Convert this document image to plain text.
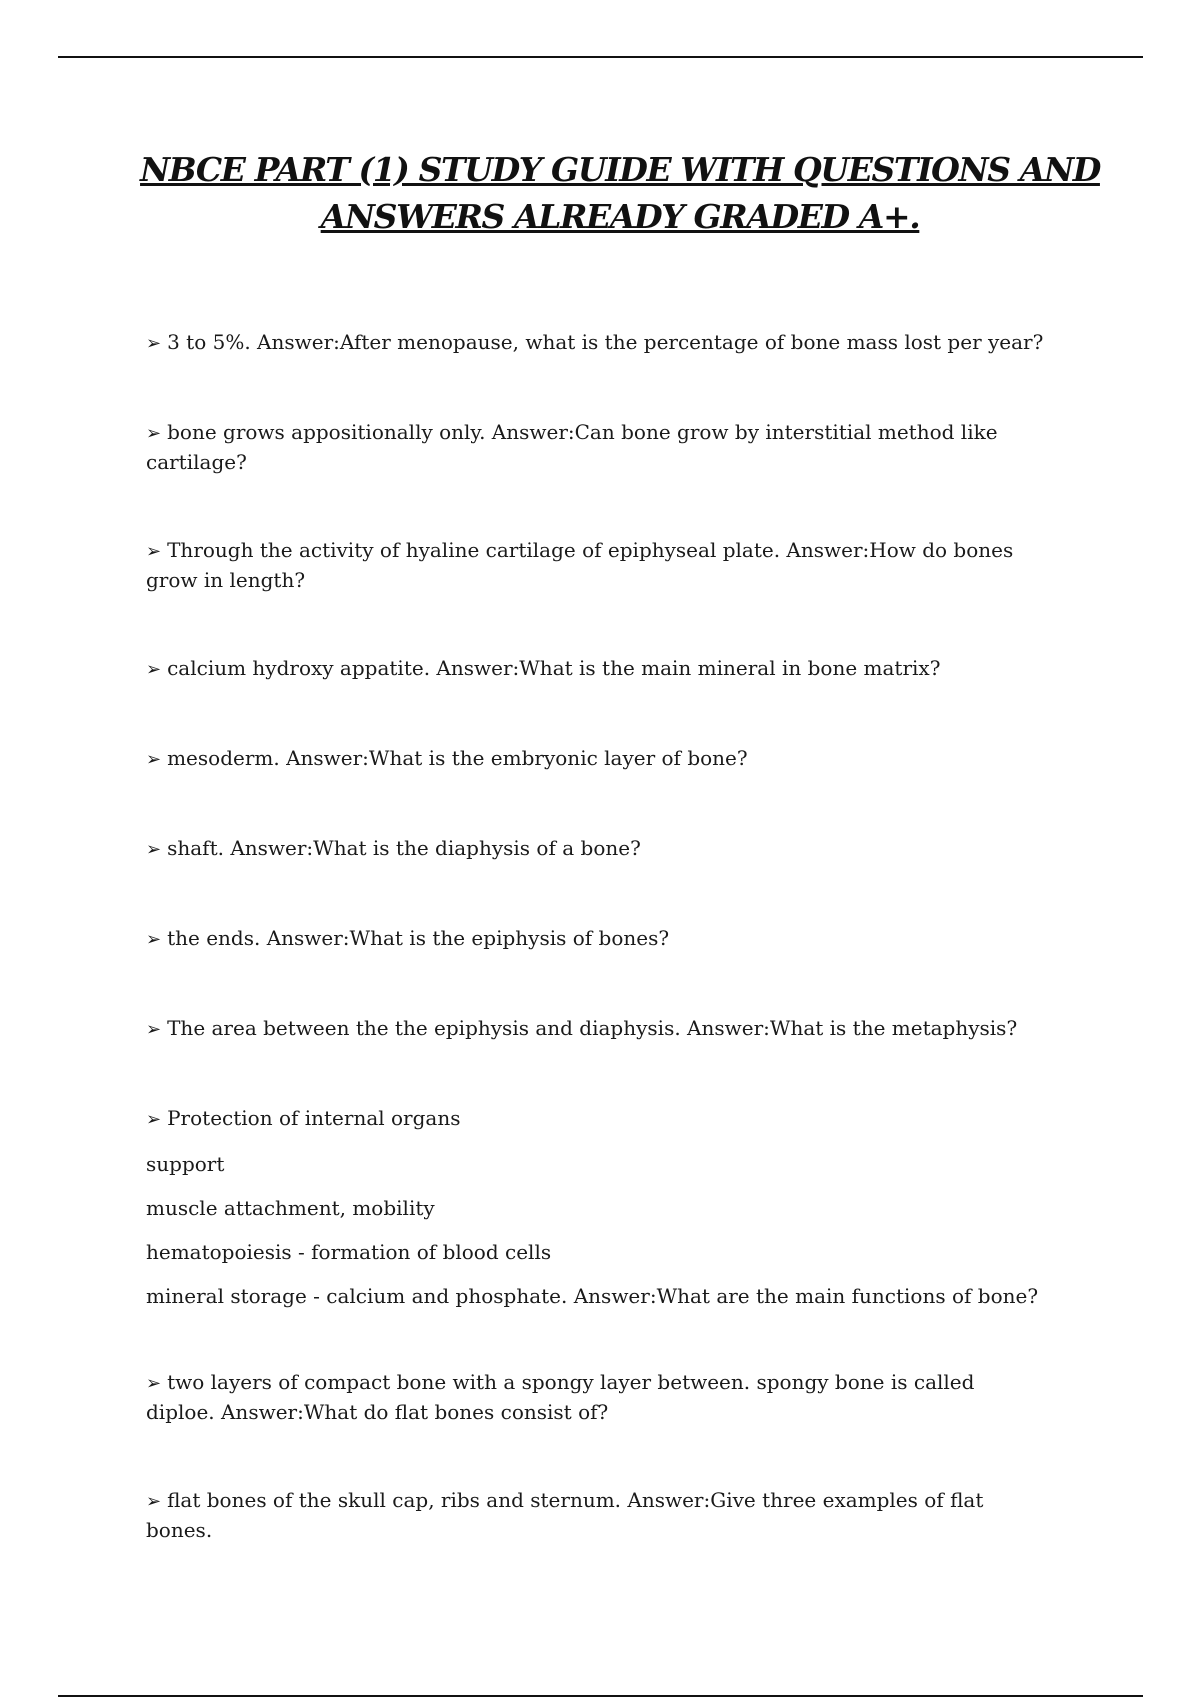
NBCE PART (1) STUDY GUIDE WITH QUESTIONS AND
ANSWERS ALREADY GRADED A+.
➢ 3 to 5%. Answer:After menopause, what is the percentage of bone mass lost per year?
➢ bone grows appositionally only. Answer:Can bone grow by interstitial method like cartilage?
➢ Through the activity of hyaline cartilage of epiphyseal plate. Answer:How do bones grow in length?
➢ calcium hydroxy appatite. Answer:What is the main mineral in bone matrix?
➢ mesoderm. Answer:What is the embryonic layer of bone?
➢ shaft. Answer:What is the diaphysis of a bone?
➢ the ends. Answer:What is the epiphysis of bones?
➢ The area between the the epiphysis and diaphysis. Answer:What is the metaphysis?
➢ Protection of internal organs
support
muscle attachment, mobility
hematopoiesis - formation of blood cells
mineral storage - calcium and phosphate. Answer:What are the main functions of bone?
➢ two layers of compact bone with a spongy layer between. spongy bone is called diploe. Answer:What do flat bones consist of?
➢ flat bones of the skull cap, ribs and sternum. Answer:Give three examples of flat bones.
